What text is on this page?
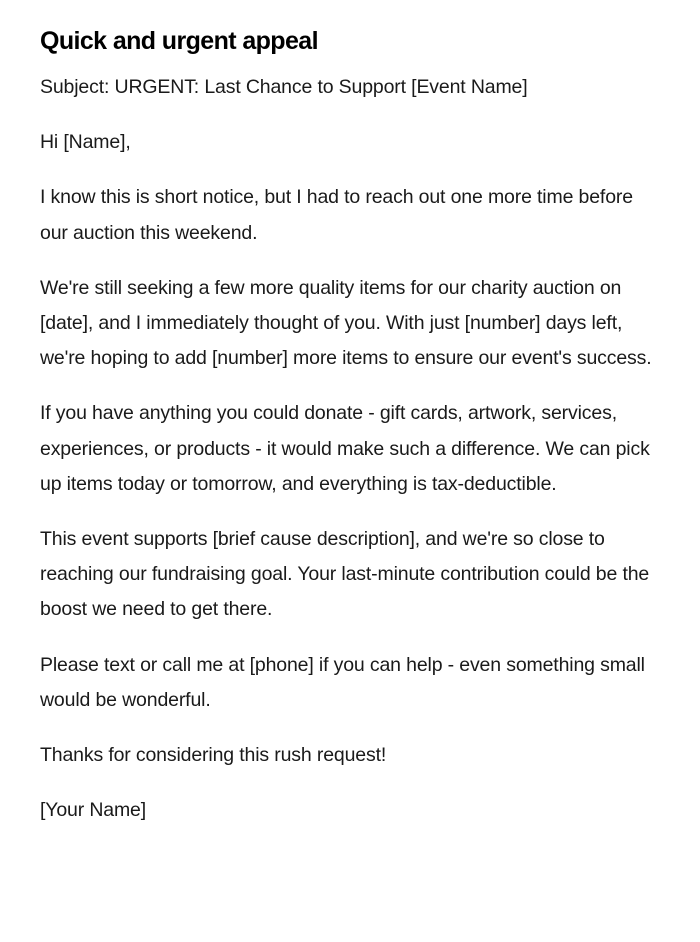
Quick and urgent appeal

Subject: URGENT: Last Chance to Support [Event Name]

Hi [Name],

I know this is short notice, but I had to reach out one more time before our auction this weekend.

We're still seeking a few more quality items for our charity auction on [date], and I immediately thought of you. With just [number] days left, we're hoping to add [number] more items to ensure our event's success.

If you have anything you could donate - gift cards, artwork, services, experiences, or products - it would make such a difference. We can pick up items today or tomorrow, and everything is tax-deductible.

This event supports [brief cause description], and we're so close to reaching our fundraising goal. Your last-minute contribution could be the boost we need to get there.

Please text or call me at [phone] if you can help - even something small would be wonderful.

Thanks for considering this rush request!

[Your Name]
